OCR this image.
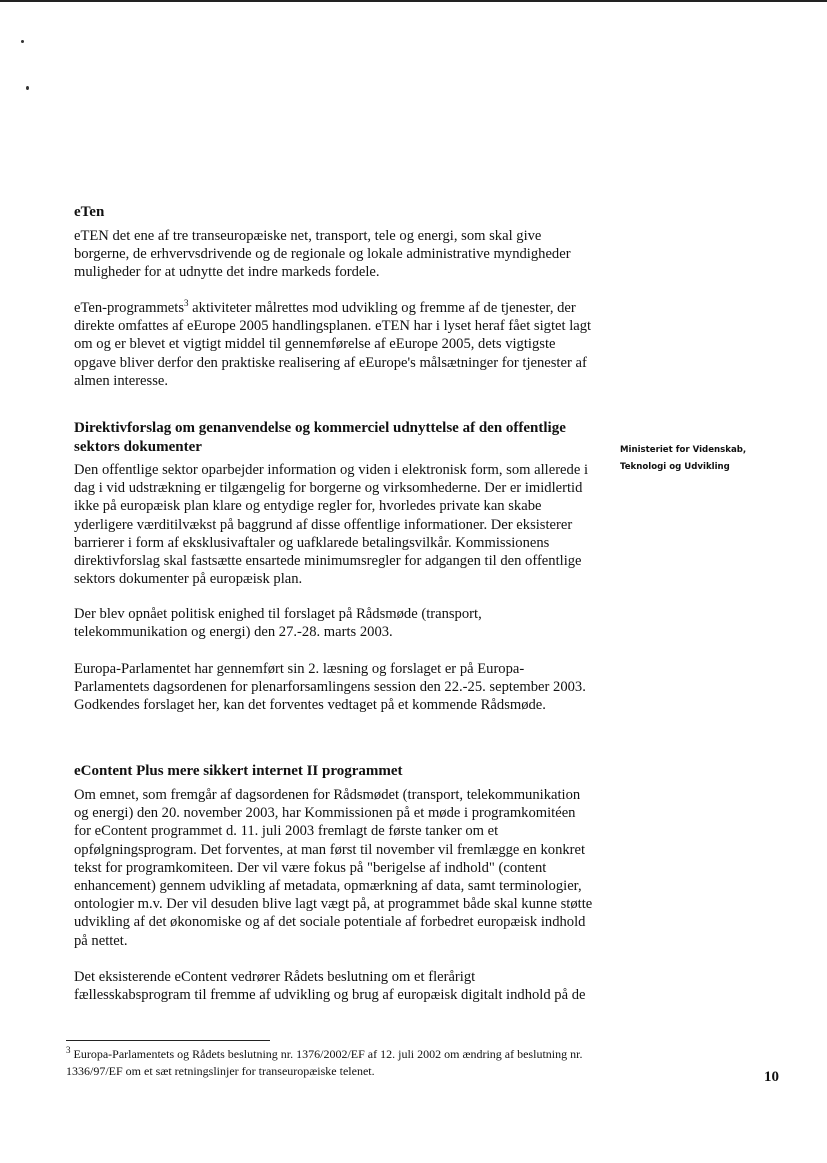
eTen

eTEN det ene af tre transeuropæiske net, transport, tele og energi, som skal give borgerne, de erhvervsdrivende og de regionale og lokale administrative myndigheder muligheder for at udnytte det indre markeds fordele.

eTen-programmets$^3$ aktiviteter målrettes mod udvikling og fremme af de tjenester, der direkte omfattes af eEurope 2005 handlingsplanen. eTEN har i lyset heraf fået sigtet lagt om og er blevet et vigtigt middel til gennemførelse af eEurope 2005, dets vigtigste opgave bliver derfor den praktiske realisering af eEurope's målsætninger for tjenester af almen interesse.

Direktivforslag om genanvendelse og kommerciel udnyttelse af den offentlige sektors dokumenter	Ministeriet for Videnskab,
Teknologi og Udvikling

Den offentlige sektor oparbejder information og viden i elektronisk form, som allerede i dag i vid udstrækning er tilgængelig for borgerne og virksomhederne. Der er imidlertid ikke på europæisk plan klare og entydige regler for, hvorledes private kan skabe yderligere værditilvækst på baggrund af disse offentlige informationer. Der eksisterer barrierer i form af eksklusivaftaler og uafklarede betalingsvilkår. Kommissionens direktivforslag skal fastsætte ensartede minimumsregler for adgangen til den offentlige sektors dokumenter på europæisk plan.

Der blev opnået politisk enighed til forslaget på Rådsmøde (transport, telekommunikation og energi) den 27.-28. marts 2003.

Europa-Parlamentet har gennemført sin 2. læsning og forslaget er på Europa-Parlamentets dagsordenen for plenarforsamlingens session den 22.-25. september 2003. Godkendes forslaget her, kan det forventes vedtaget på et kommende Rådsmøde.

eContent Plus mere sikkert internet II programmet

Om emnet, som fremgår af dagsordenen for Rådsmødet (transport, telekommunikation og energi) den 20. november 2003, har Kommissionen på et møde i programkomitéen for eContent programmet d. 11. juli 2003 fremlagt de første tanker om et opfølgningsprogram. Det forventes, at man først til november vil fremlægge en konkret tekst for programkomiteen. Der vil være fokus på "berigelse af indhold" (content enhancement) gennem udvikling af metadata, opmærkning af data, samt terminologier, ontologier m.v. Der vil desuden blive lagt vægt på, at programmet både skal kunne støtte udvikling af det økonomiske og af det sociale potentiale af forbedret europæisk indhold på nettet.

Det eksisterende eContent vedrører Rådets beslutning om et flerårigt fællesskabsprogram til fremme af udvikling og brug af europæisk digitalt indhold på de

$^3$ Europa-Parlamentets og Rådets beslutning nr. 1376/2002/EF af 12. juli 2002 om ændring af beslutning nr. 1336/97/EF om et sæt retningslinjer for transeuropæiske telenet.	10
